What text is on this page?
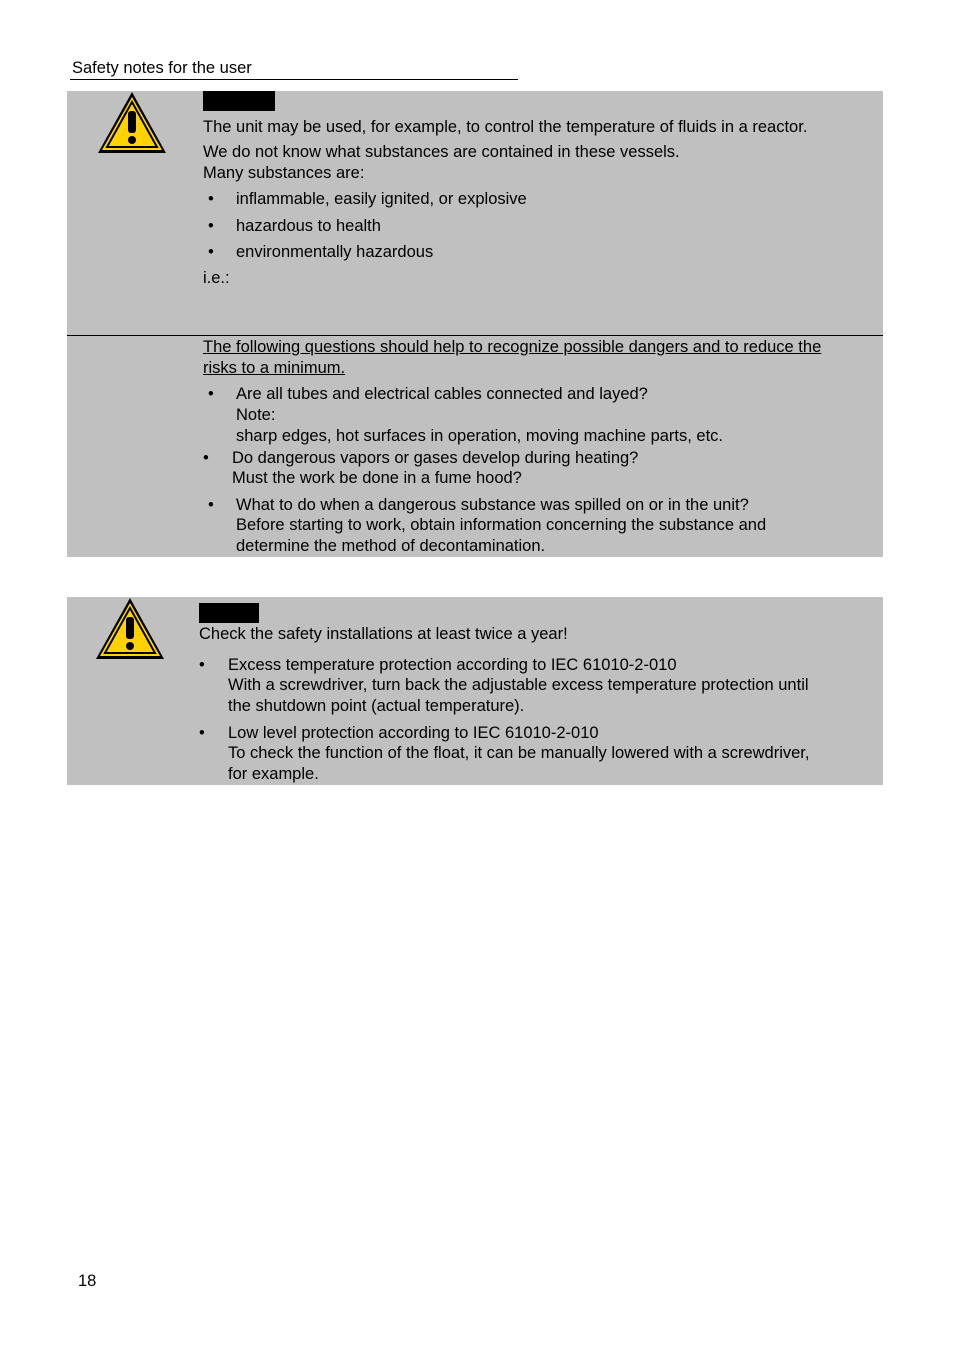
Safety notes for the user
The unit may be used, for example, to control the temperature of fluids in a reactor.
We do not know what substances are contained in these vessels.
Many substances are:
• inflammable, easily ignited, or explosive
• hazardous to health
• environmentally hazardous
i.e.:
The following questions should help to recognize possible dangers and to reduce the
risks to a minimum.
• Are all tubes and electrical cables connected and layed?
Note:
sharp edges, hot surfaces in operation, moving machine parts, etc.
• Do dangerous vapors or gases develop during heating?
Must the work be done in a fume hood?
• What to do when a dangerous substance was spilled on or in the unit?
Before starting to work, obtain information concerning the substance and
determine the method of decontamination.
Check the safety installations at least twice a year!
• Excess temperature protection according to IEC 61010-2-010
With a screwdriver, turn back the adjustable excess temperature protection until
the shutdown point (actual temperature).
• Low level protection according to IEC 61010-2-010
To check the function of the float, it can be manually lowered with a screwdriver,
for example.
18
